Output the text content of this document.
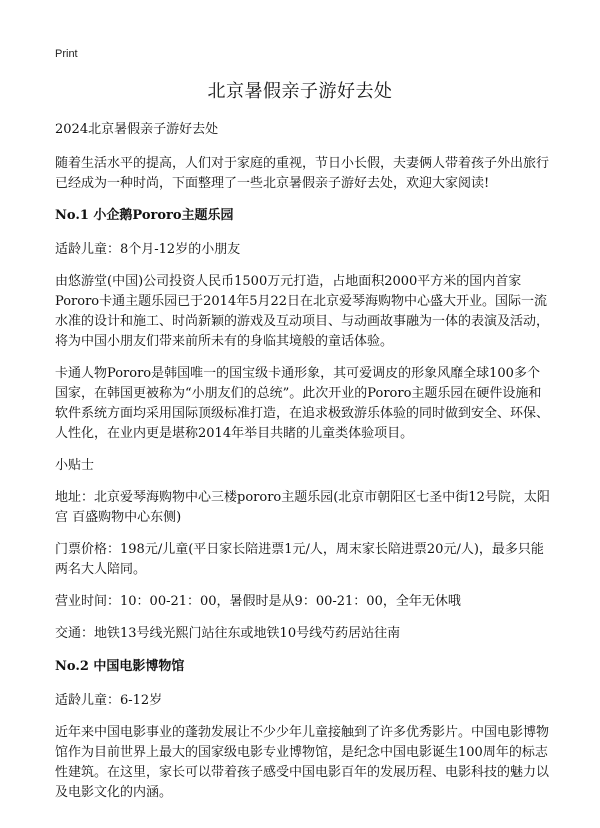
Print
北京暑假亲子游好去处

2024北京暑假亲子游好去处

随着生活水平的提高，人们对于家庭的重视，节日小长假，夫妻俩人带着孩子外出旅行已经成为一种时尚，下面整理了一些北京暑假亲子游好去处，欢迎大家阅读!

No.1 小企鹅Pororo主题乐园

适龄儿童：8个月-12岁的小朋友

由悠游堂(中国)公司投资人民币1500万元打造，占地面积2000平方米的国内首家Pororo卡通主题乐园已于2014年5月22日在北京爱琴海购物中心盛大开业。国际一流水准的设计和施工、时尚新颖的游戏及互动项目、与动画故事融为一体的表演及活动，将为中国小朋友们带来前所未有的身临其境般的童话体验。

卡通人物Pororo是韩国唯一的国宝级卡通形象，其可爱调皮的形象风靡全球100多个国家，在韩国更被称为“小朋友们的总统”。此次开业的Pororo主题乐园在硬件设施和软件系统方面均采用国际顶级标准打造，在追求极致游乐体验的同时做到安全、环保、人性化，在业内更是堪称2014年举目共睹的儿童类体验项目。

小贴士

地址：北京爱琴海购物中心三楼pororo主题乐园(北京市朝阳区七圣中街12号院，太阳宫 百盛购物中心东侧)

门票价格：198元/儿童(平日家长陪进票1元/人，周末家长陪进票20元/人)，最多只能两名大人陪同。

营业时间：10：00-21：00，暑假时是从9：00-21：00，全年无休哦

交通：地铁13号线光熙门站往东或地铁10号线芍药居站往南

No.2 中国电影博物馆

适龄儿童：6-12岁

近年来中国电影事业的蓬勃发展让不少少年儿童接触到了许多优秀影片。中国电影博物馆作为目前世界上最大的国家级电影专业博物馆，是纪念中国电影诞生100周年的标志性建筑。在这里，家长可以带着孩子感受中国电影百年的发展历程、电影科技的魅力以及电影文化的内涵。
